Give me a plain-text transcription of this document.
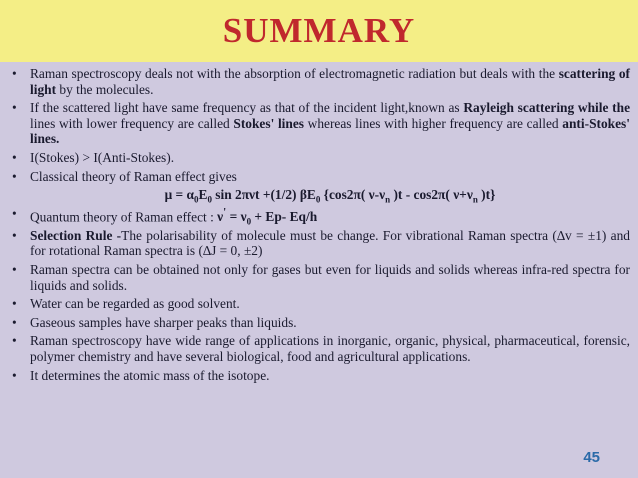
SUMMARY
• Raman spectroscopy deals not with the absorption of electromagnetic radiation but deals with the scattering of light by the molecules.
• If the scattered light have same frequency as that of the incident light,known as Rayleigh scattering while the lines with lower frequency are called Stokes' lines whereas lines with higher frequency are called anti-Stokes' lines.
• I(Stokes) > I(Anti-Stokes).
• Classical theory of Raman effect gives
$\mu = \alpha_0E_0$ sin 2πνt +(1/2) $\beta E_0$ {cos2π( $\nu-\nu_n$ )t - cos2π( $\nu+\nu_n$ )t}
• Quantum theory of Raman effect : $\nu' = \nu_0 + Ep-$ Eq/h
• Selection Rule -The polarisability of molecule must be change. For vibrational Raman spectra (∆v = ±1) and for rotational Raman spectra is (∆J = 0, ±2)
• Raman spectra can be obtained not only for gases but even for liquids and solids whereas infra-red spectra for liquids and solids.
• Water can be regarded as good solvent.
• Gaseous samples have sharper peaks than liquids.
• Raman spectroscopy have wide range of applications in inorganic, organic, physical, pharmaceutical, forensic, polymer chemistry and have several biological, food and agricultural applications.
• It determines the atomic mass of the isotope.
45
